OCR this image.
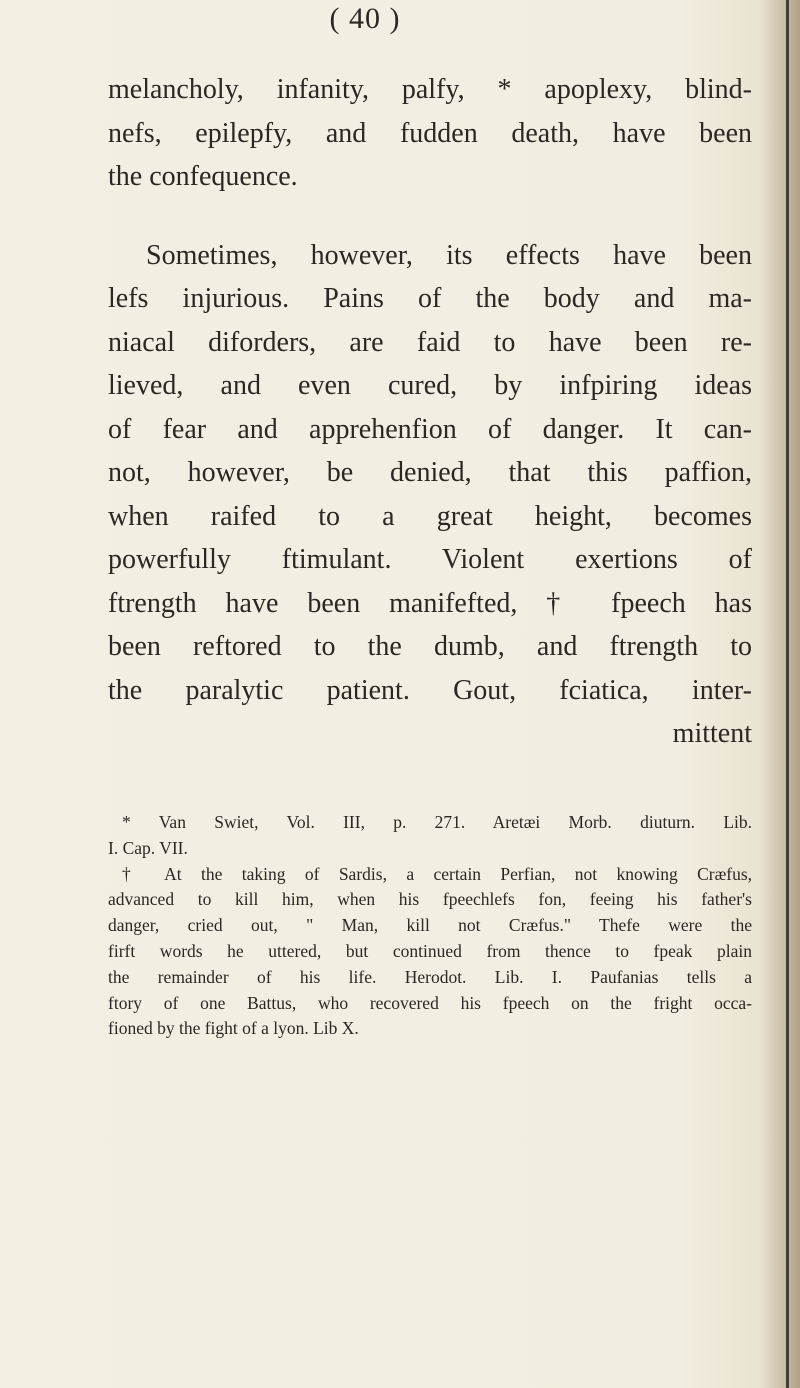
( 40 )

melancholy, infanity, palfy, * apoplexy, blind-
nefs, epilepfy, and fudden death, have been
the confequence.

Sometimes, however, its effects have been
lefs injurious. Pains of the body and ma-
niacal diforders, are faid to have been re-
lieved, and even cured, by infpiring ideas
of fear and apprehenfion of danger. It can-
not, however, be denied, that this paffion,
when raifed to a great height, becomes
powerfully ftimulant. Violent exertions of
ftrength have been manifefted, † fpeech has
been reftored to the dumb, and ftrength to
the paralytic patient. Gout, fciatica, inter-
mittent

* Van Swiet, Vol. III, p. 271. Aretæi Morb. diuturn. Lib.
I. Cap. VII.
† At the taking of Sardis, a certain Perfian, not knowing Cræfus,
advanced to kill him, when his fpeechlefs fon, feeing his father's
danger, cried out, " Man, kill not Cræfus." Thefe were the
firft words he uttered, but continued from thence to fpeak plain
the remainder of his life. Herodot. Lib. I. Paufanias tells a
ftory of one Battus, who recovered his fpeech on the fright occa-
fioned by the fight of a lyon. Lib X.
